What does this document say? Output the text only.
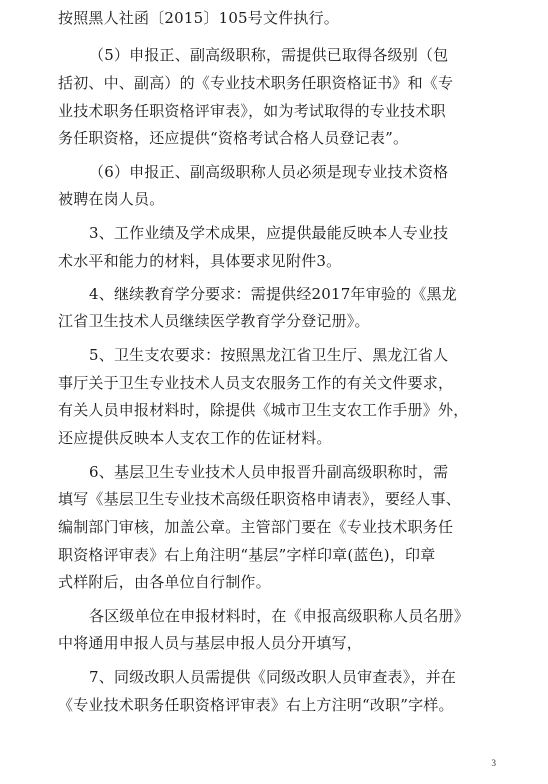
按照黑人社函〔2015〕105号文件执行。
（5）申报正、副高级职称，需提供已取得各级别（包
括初、中、副高）的《专业技术职务任职资格证书》和《专
业技术职务任职资格评审表》，如为考试取得的专业技术职
务任职资格，还应提供“资格考试合格人员登记表”。
（6）申报正、副高级职称人员必须是现专业技术资格
被聘在岗人员。
3、工作业绩及学术成果，应提供最能反映本人专业技
术水平和能力的材料，具体要求见附件3。
4、继续教育学分要求：需提供经2017年审验的《黑龙
江省卫生技术人员继续医学教育学分登记册》。
5、卫生支农要求：按照黑龙江省卫生厅、黑龙江省人
事厅关于卫生专业技术人员支农服务工作的有关文件要求，
有关人员申报材料时，除提供《城市卫生支农工作手册》外，
还应提供反映本人支农工作的佐证材料。
6、基层卫生专业技术人员申报晋升副高级职称时，需
填写《基层卫生专业技术高级任职资格申请表》，要经人事、
编制部门审核，加盖公章。主管部门要在《专业技术职务任
职资格评审表》右上角注明“基层”字样印章(蓝色)，印章
式样附后，由各单位自行制作。
各区级单位在申报材料时，在《申报高级职称人员名册》
中将通用申报人员与基层申报人员分开填写，
7、同级改职人员需提供《同级改职人员审查表》，并在
《专业技术职务任职资格评审表》右上方注明“改职”字样。
3
